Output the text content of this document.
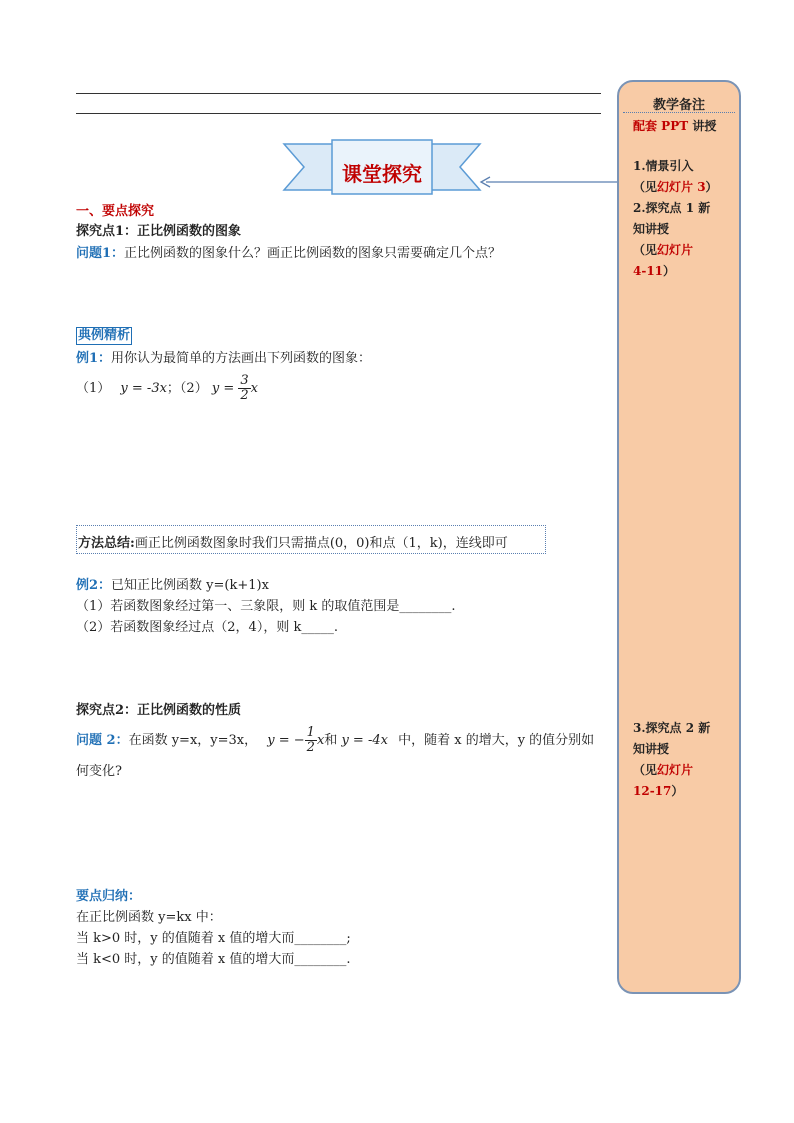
课堂探究
一、要点探究
探究点1：正比例函数的图象
问题1：正比例函数的图象什么？画正比例函数的图象只需要确定几个点？
典例精析
例1：用你认为最简单的方法画出下列函数的图象：
（1） y = -3x；（2） $y = \frac{3}{2}$ x
方法总结:画正比例函数图象时我们只需描点(0，0)和点（1，k)，连线即可
例2：已知正比例函数 y=(k+1)x
（1）若函数图象经过第一、三象限，则 k 的取值范围是________.
（2）若函数图象经过点（2，4），则 k_____.
探究点2：正比例函数的性质
问题 2：在函数 y=x，y=3x， y = − $\frac{1}{2}$ x和 y = -4x 中，随着 x 的增大，y 的值分别如
何变化?
要点归纳：
在正比例函数 y=kx 中：
当 k>0 时，y 的值随着 x 值的增大而________;
当 k<0 时，y 的值随着 x 值的增大而________.
教学备注
配套 PPT 讲授
1.情景引入
（见幻灯片 3）
2.探究点 1 新
知讲授
（见幻灯片
4-11）
3.探究点 2 新
知讲授
（见幻灯片
12-17）
